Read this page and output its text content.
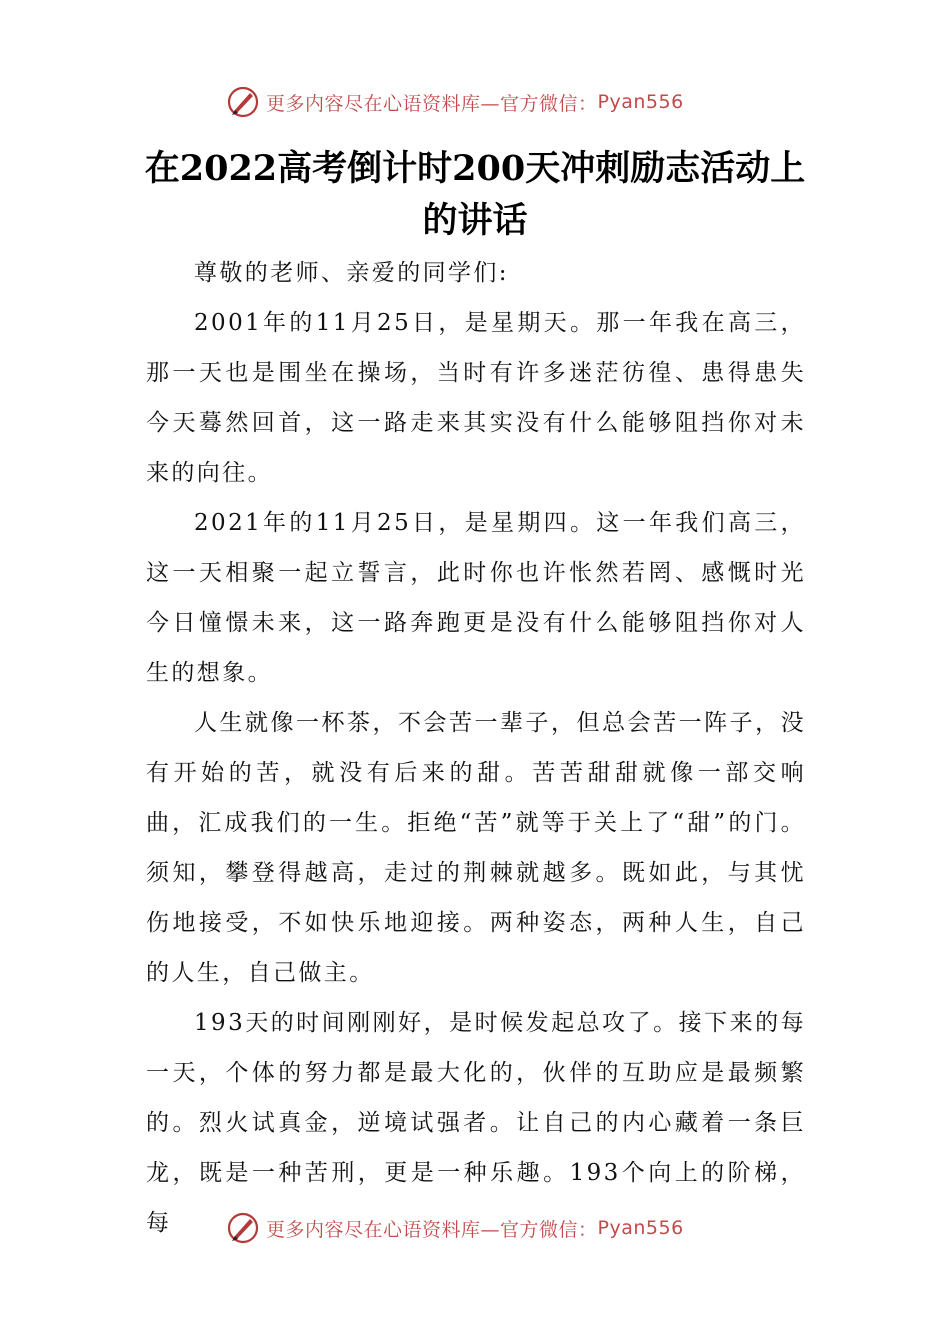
更多内容尽在心语资料库—官方微信： Pyan556
在2022高考倒计时200天冲刺励志活动上的讲话

尊敬的老师、亲爱的同学们:

2001年的11月25日，是星期天。那一年我在高三，那一天也是围坐在操场，当时有许多迷茫彷徨、患得患失今天蓦然回首，这一路走来其实没有什么能够阻挡你对未来的向往。

2021年的11月25日，是星期四。这一年我们高三，这一天相聚一起立誓言，此时你也许怅然若罔、感慨时光今日憧憬未来，这一路奔跑更是没有什么能够阻挡你对人生的想象。

人生就像一杯茶，不会苦一辈子，但总会苦一阵子，没有开始的苦，就没有后来的甜。苦苦甜甜就像一部交响曲，汇成我们的一生。拒绝“苦”就等于关上了“甜”的门。须知，攀登得越高，走过的荆棘就越多。既如此，与其忧伤地接受，不如快乐地迎接。两种姿态，两种人生，自己的人生，自己做主。

193天的时间刚刚好，是时候发起总攻了。接下来的每一天，个体的努力都是最大化的，伙伴的互助应是最频繁的。烈火试真金，逆境试强者。让自己的内心藏着一条巨龙，既是一种苦刑，更是一种乐趣。193个向上的阶梯，每	更多内容尽在心语资料库—官方微信： Pyan556
